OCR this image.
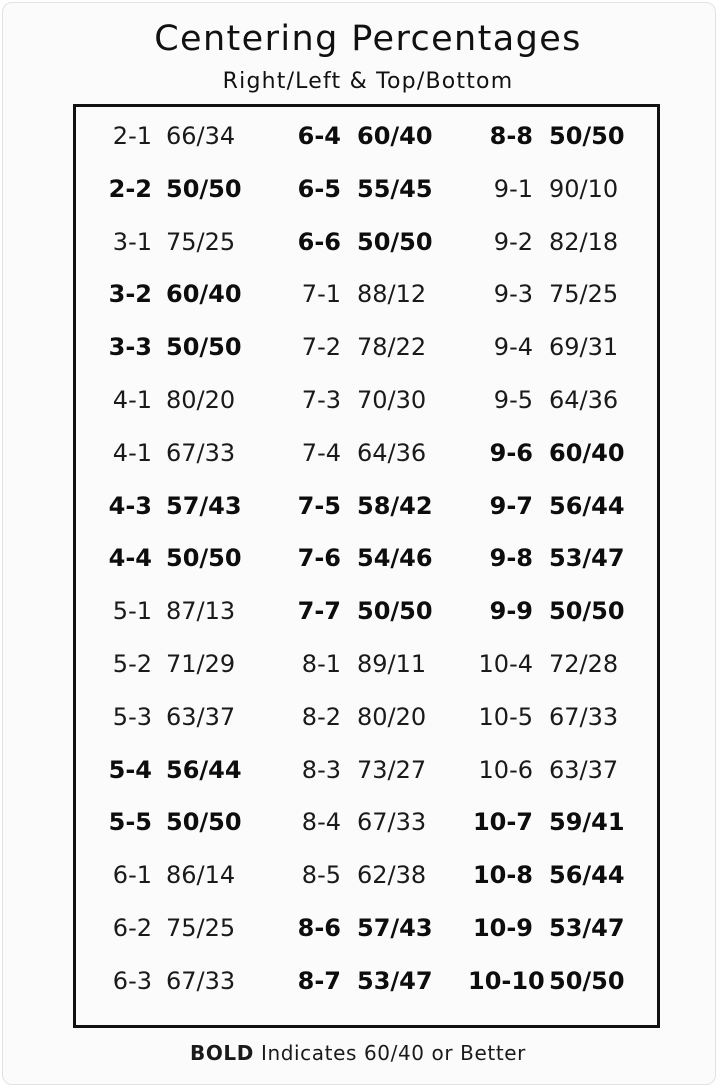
Centering Percentages
Right/Left & Top/Bottom
2-1 66/34
2-2 50/50
3-1 75/25
3-2 60/40
3-3 50/50
4-1 80/20
4-1 67/33
4-3 57/43
4-4 50/50
5-1 87/13
5-2 71/29
5-3 63/37
5-4 56/44
5-5 50/50
6-1 86/14
6-2 75/25
6-3 67/33
6-4 60/40
6-5 55/45
6-6 50/50
7-1 88/12
7-2 78/22
7-3 70/30
7-4 64/36
7-5 58/42
7-6 54/46
7-7 50/50
8-1 89/11
8-2 80/20
8-3 73/27
8-4 67/33
8-5 62/38
8-6 57/43
8-7 53/47
8-8 50/50
9-1 90/10
9-2 82/18
9-3 75/25
9-4 69/31
9-5 64/36
9-6 60/40
9-7 56/44
9-8 53/47
9-9 50/50
10-4 72/28
10-5 67/33
10-6 63/37
10-7 59/41
10-8 56/44
10-9 53/47
10-10 50/50
BOLD Indicates 60/40 or Better
